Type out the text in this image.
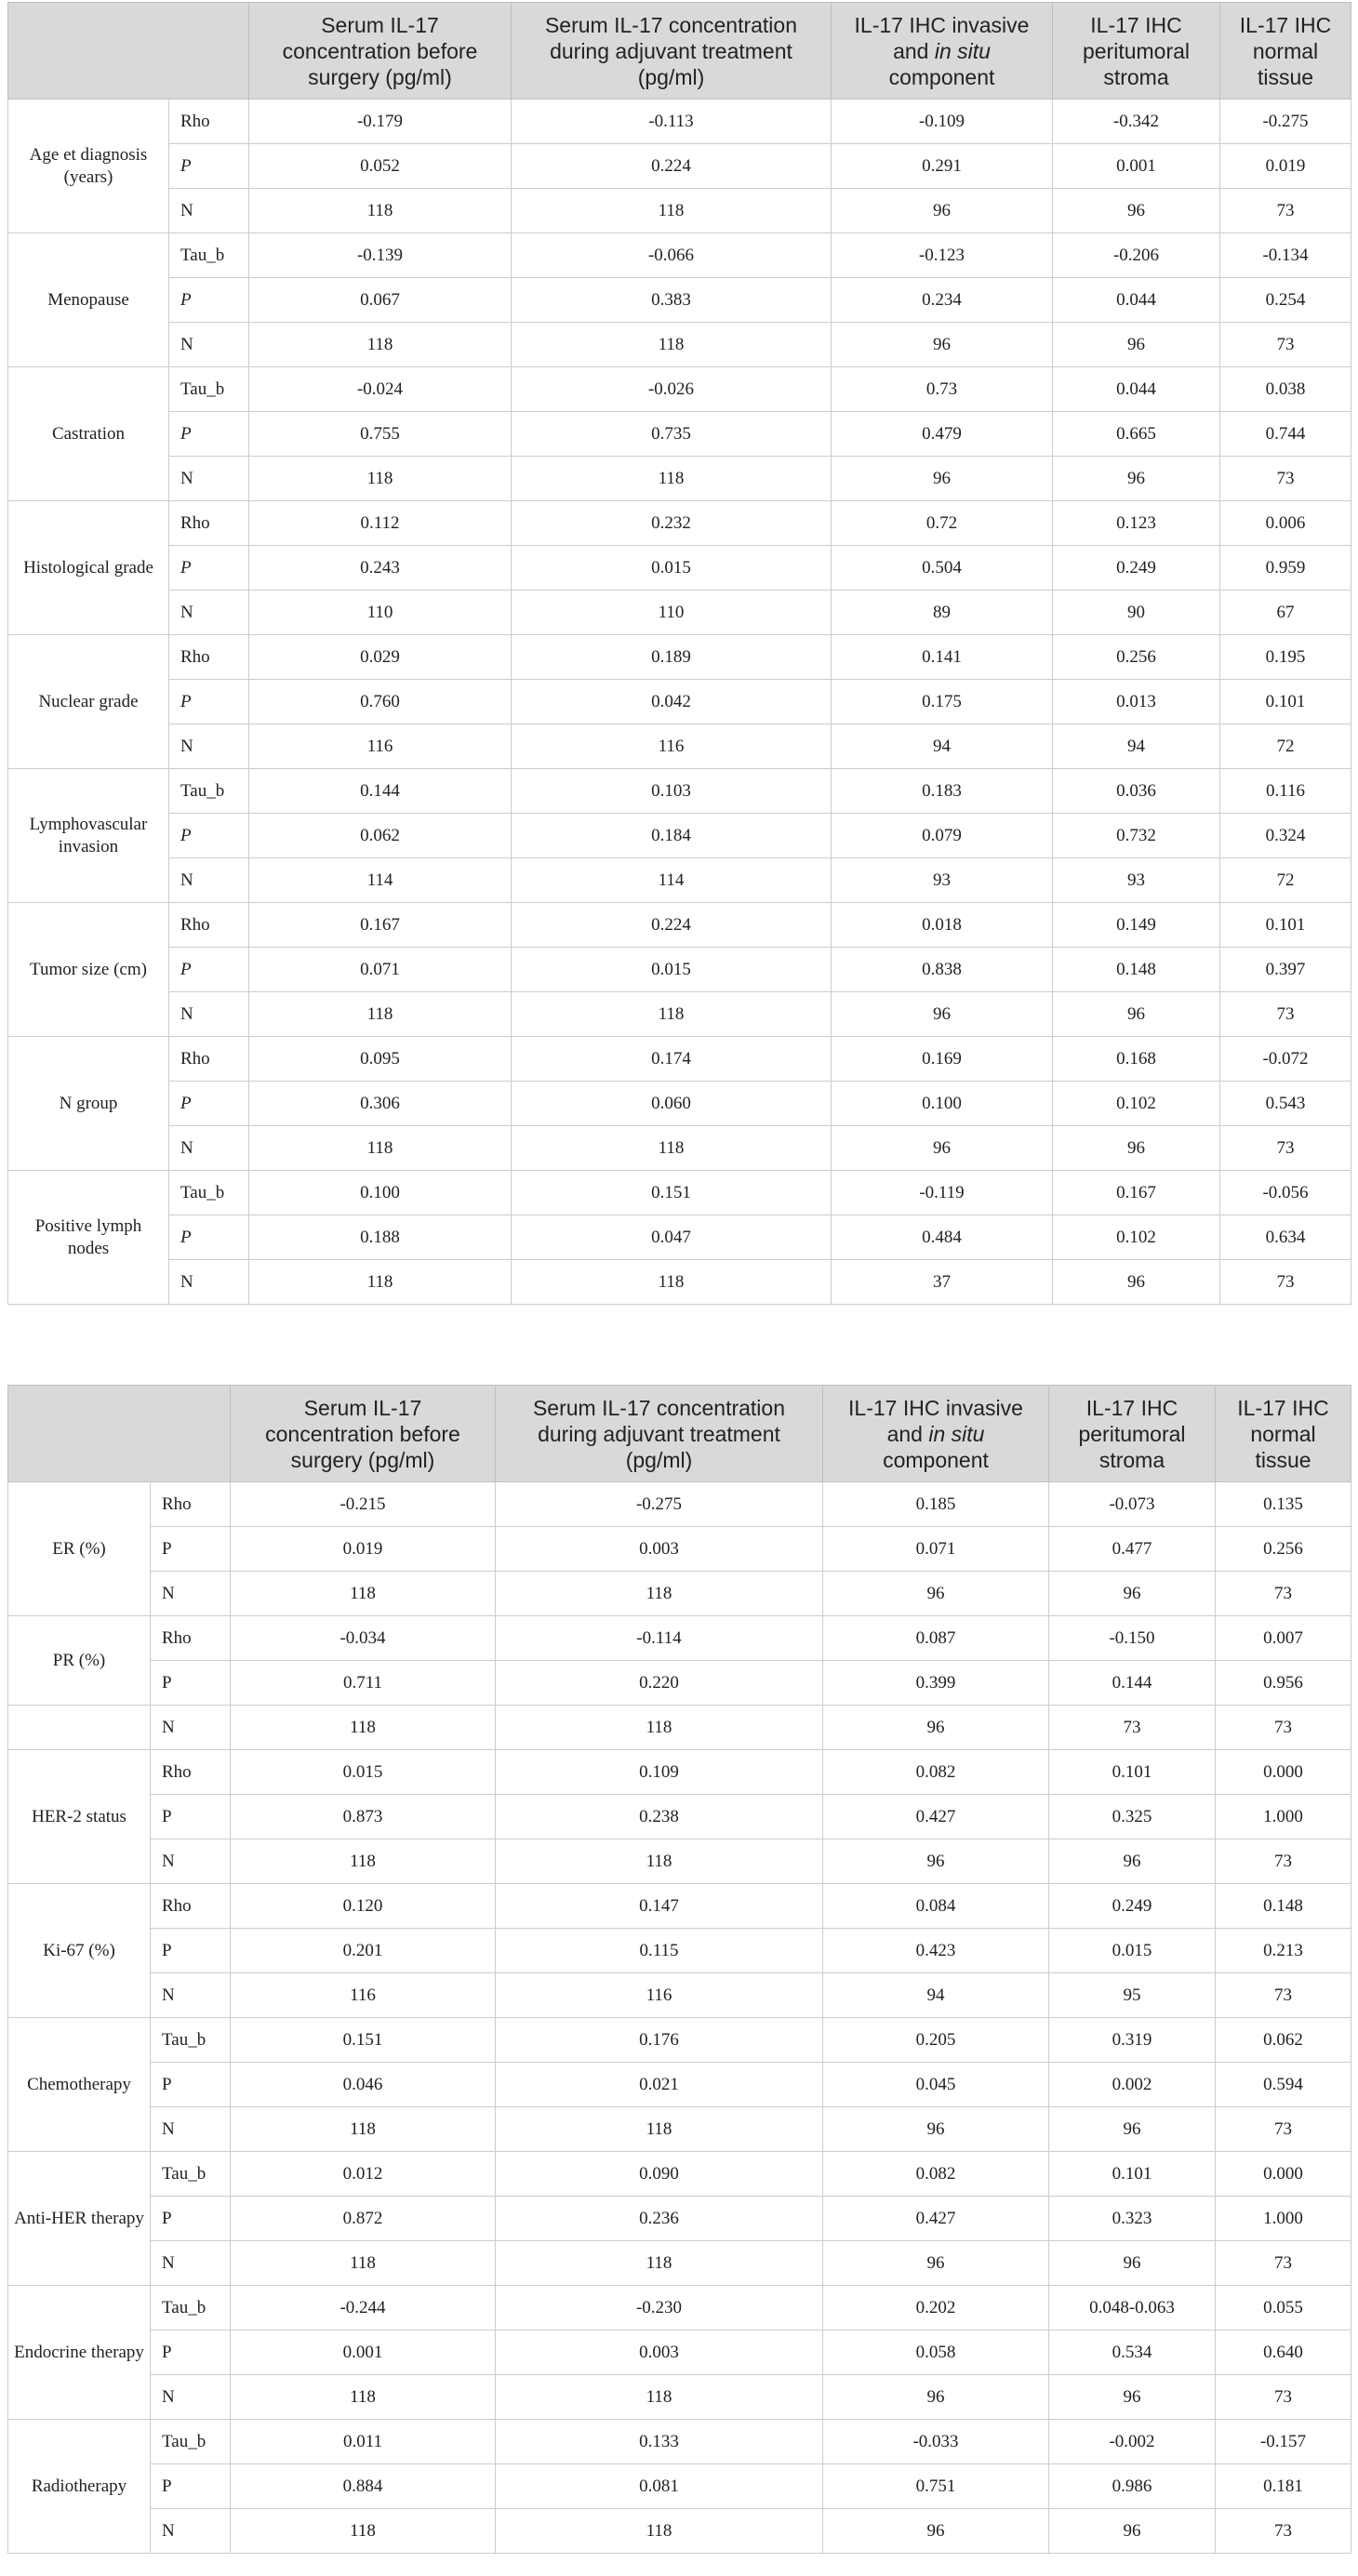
		Serum IL-17 concentration before surgery (pg/ml)	Serum IL-17 concentration during adjuvant treatment (pg/ml)	IL-17 IHC invasive and in situ component	IL-17 IHC peritumoral stroma	IL-17 IHC normal tissue
Age et diagnosis (years)	Rho	-0.179	-0.113	-0.109	-0.342	-0.275
	P	0.052	0.224	0.291	0.001	0.019
	N	118	118	96	96	73
Menopause	Tau_b	-0.139	-0.066	-0.123	-0.206	-0.134
	P	0.067	0.383	0.234	0.044	0.254
	N	118	118	96	96	73
Castration	Tau_b	-0.024	-0.026	0.73	0.044	0.038
	P	0.755	0.735	0.479	0.665	0.744
	N	118	118	96	96	73
Histological grade	Rho	0.112	0.232	0.72	0.123	0.006
	P	0.243	0.015	0.504	0.249	0.959
	N	110	110	89	90	67
Nuclear grade	Rho	0.029	0.189	0.141	0.256	0.195
	P	0.760	0.042	0.175	0.013	0.101
	N	116	116	94	94	72
Lymphovascular invasion	Tau_b	0.144	0.103	0.183	0.036	0.116
	P	0.062	0.184	0.079	0.732	0.324
	N	114	114	93	93	72
Tumor size (cm)	Rho	0.167	0.224	0.018	0.149	0.101
	P	0.071	0.015	0.838	0.148	0.397
	N	118	118	96	96	73
N group	Rho	0.095	0.174	0.169	0.168	-0.072
	P	0.306	0.060	0.100	0.102	0.543
	N	118	118	96	96	73
Positive lymph nodes	Tau_b	0.100	0.151	-0.119	0.167	-0.056
	P	0.188	0.047	0.484	0.102	0.634
	N	118	118	37	96	73
		Serum IL-17 concentration before surgery (pg/ml)	Serum IL-17 concentration during adjuvant treatment (pg/ml)	IL-17 IHC invasive and in situ component	IL-17 IHC peritumoral stroma	IL-17 IHC normal tissue
ER (%)	Rho	-0.215	-0.275	0.185	-0.073	0.135
	P	0.019	0.003	0.071	0.477	0.256
	N	118	118	96	96	73
PR (%)	Rho	-0.034	-0.114	0.087	-0.150	0.007
	P	0.711	0.220	0.399	0.144	0.956
	N	118	118	96	73	73
HER-2 status	Rho	0.015	0.109	0.082	0.101	0.000
	P	0.873	0.238	0.427	0.325	1.000
	N	118	118	96	96	73
Ki-67 (%)	Rho	0.120	0.147	0.084	0.249	0.148
	P	0.201	0.115	0.423	0.015	0.213
	N	116	116	94	95	73
Chemotherapy	Tau_b	0.151	0.176	0.205	0.319	0.062
	P	0.046	0.021	0.045	0.002	0.594
	N	118	118	96	96	73
Anti-HER therapy	Tau_b	0.012	0.090	0.082	0.101	0.000
	P	0.872	0.236	0.427	0.323	1.000
	N	118	118	96	96	73
Endocrine therapy	Tau_b	-0.244	-0.230	0.202	0.048-0.063	0.055
	P	0.001	0.003	0.058	0.534	0.640
	N	118	118	96	96	73
Radiotherapy	Tau_b	0.011	0.133	-0.033	-0.002	-0.157
	P	0.884	0.081	0.751	0.986	0.181
	N	118	118	96	96	73
